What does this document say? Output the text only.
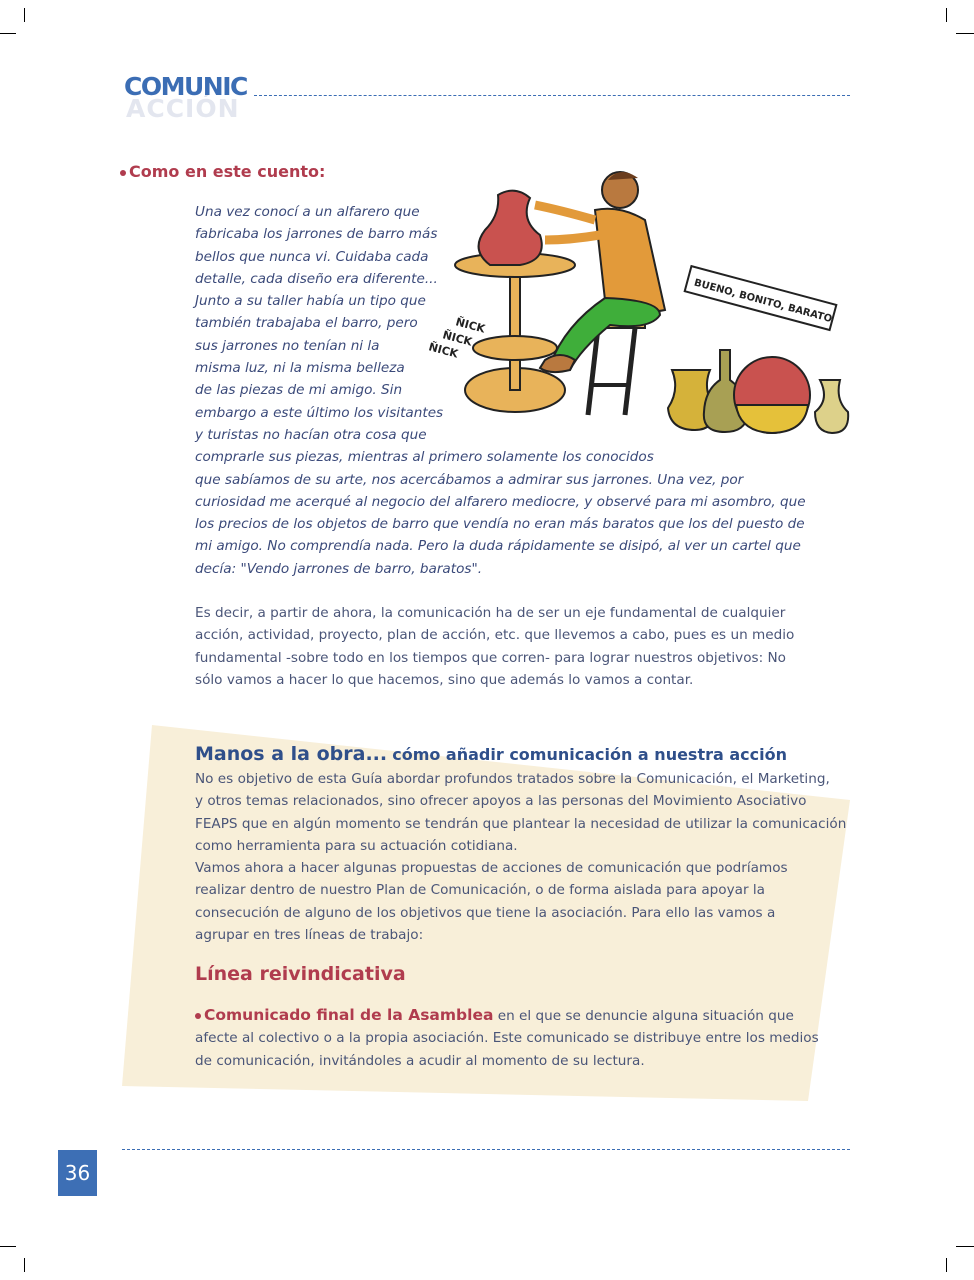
ACCIÓN
COMUNIC
Como en este cuento:
Una vez conocí a un alfarero que
fabricaba los jarrones de barro más
bellos que nunca vi. Cuidaba cada
detalle, cada diseño era diferente...
Junto a su taller había un tipo que
también trabajaba el barro, pero
sus jarrones no tenían ni la
misma luz, ni la misma belleza
de las piezas de mi amigo. Sin
embargo a este último los visitantes
y turistas no hacían otra cosa que
comprarle sus piezas, mientras al primero solamente los conocidos
que sabíamos de su arte, nos acercábamos a admirar sus jarrones. Una vez, por
curiosidad me acerqué al negocio del alfarero mediocre, y observé para mi asombro, que
los precios de los objetos de barro que vendía no eran más baratos que los del puesto de
mi amigo. No comprendía nada. Pero la duda rápidamente se disipó, al ver un cartel que
decía: "Vendo jarrones de barro, baratos".
ÑICK
ÑICK
ÑICK
BUENO, BONITO, BARATO
Es decir, a partir de ahora, la comunicación ha de ser un eje fundamental de cualquier
acción, actividad, proyecto, plan de acción, etc. que llevemos a cabo, pues es un medio
fundamental -sobre todo en los tiempos que corren- para lograr nuestros objetivos: No
sólo vamos a hacer lo que hacemos, sino que además lo vamos a contar.
Manos a la obra... cómo añadir comunicación a nuestra acción
No es objetivo de esta Guía abordar profundos tratados sobre la Comunicación, el Marketing,
y otros temas relacionados, sino ofrecer apoyos a las personas del Movimiento Asociativo
FEAPS que en algún momento se tendrán que plantear la necesidad de utilizar la comunicación
como herramienta para su actuación cotidiana.
Vamos ahora a hacer algunas propuestas de acciones de comunicación que podríamos
realizar dentro de nuestro Plan de Comunicación, o de forma aislada para apoyar la
consecución de alguno de los objetivos que tiene la asociación. Para ello las vamos a
agrupar en tres líneas de trabajo:
Línea reivindicativa
Comunicado final de la Asamblea en el que se denuncie alguna situación que
afecte al colectivo o a la propia asociación. Este comunicado se distribuye entre los medios
de comunicación, invitándoles a acudir al momento de su lectura.
36
